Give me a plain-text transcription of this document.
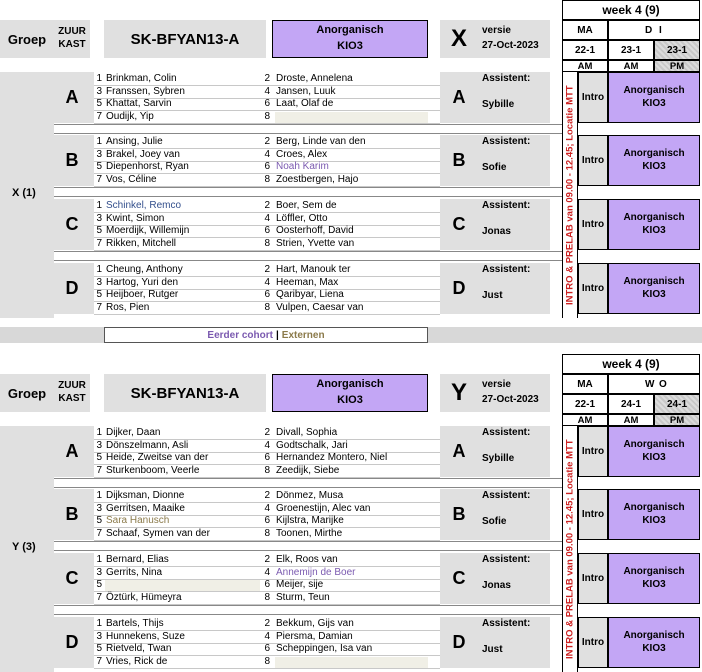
Groep	ZUUR
KAST	SK-BFYAN13-A
Anorganisch
KIO3	X	versie
27-Oct-2023
week 4 (9)
MA	D I
22-1	23-1	23-1
AM	AM	PM
X (1)	INTRO & PRELAB van 09.00 - 12.45; Locatie MTT
A
1 Brinkman, Colin	2 Droste, Annelena
3 Franssen, Sybren	4 Jansen, Luuk
5 Khattat, Sarvin	6 Laat, Olaf de
7 Oudijk, Yip	8
A
Assistent:
Sybille
Intro
Anorganisch
KIO3
B
1 Ansing, Julie	2 Berg, Linde van den
3 Brakel, Joey van	4 Croes, Alex
5 Diepenhorst, Ryan	6 Noah Karim
7 Vos, Céline	8 Zoestbergen, Hajo
B
Assistent:
Sofie
Intro
Anorganisch
KIO3
C
1 Schinkel, Remco	2 Boer, Sem de
3 Kwint, Simon	4 Löffler, Otto
5 Moerdijk, Willemijn	6 Oosterhoff, David
7 Rikken, Mitchell	8 Strien, Yvette van
C
Assistent:
Jonas
Intro
Anorganisch
KIO3
D
1 Cheung, Anthony	2 Hart, Manouk ter
3 Hartog, Yuri den	4 Heeman, Max
5 Heijboer, Rutger	6 Qaribyar, Liena
7 Ros, Pien	8 Vulpen, Caesar van
D
Assistent:
Just
Intro
Anorganisch
KIO3
Eerder cohort | Externen
Groep	ZUUR
KAST	SK-BFYAN13-A
Anorganisch
KIO3	Y	versie
27-Oct-2023
week 4 (9)
MA	W O
22-1	24-1	24-1
AM	AM	PM
Y (3)	INTRO & PRELAB van 09.00 - 12.45; Locatie MTT
A
1 Dijker, Daan	2 Divall, Sophia
3 Dönszelmann, Asli	4 Godtschalk, Jari
5 Heide, Zweitse van der	6 Hernandez Montero, Niel
7 Sturkenboom, Veerle	8 Zeedijk, Siebe
A
Assistent:
Sybille
Intro
Anorganisch
KIO3
B
1 Dijksman, Dionne	2 Dönmez, Musa
3 Gerritsen, Maaike	4 Groenestijn, Alec van
5 Sara Hanusch	6 Kijlstra, Marijke
7 Schaaf, Symen van der	8 Toonen, Mirthe
B
Assistent:
Sofie
Intro
Anorganisch
KIO3
C
1 Bernard, Elias	2 Elk, Roos van
3 Gerrits, Nina	4 Annemijn de Boer
5	6 Meijer, sije
7 Öztürk, Hümeyra	8 Sturm, Teun
C
Assistent:
Jonas
Intro
Anorganisch
KIO3
D
1 Bartels, Thijs	2 Bekkum, Gijs van
3 Hunnekens, Suze	4 Piersma, Damian
5 Rietveld, Twan	6 Scheppingen, Isa van
7 Vries, Rick de	8
D
Assistent:
Just
Intro
Anorganisch
KIO3
